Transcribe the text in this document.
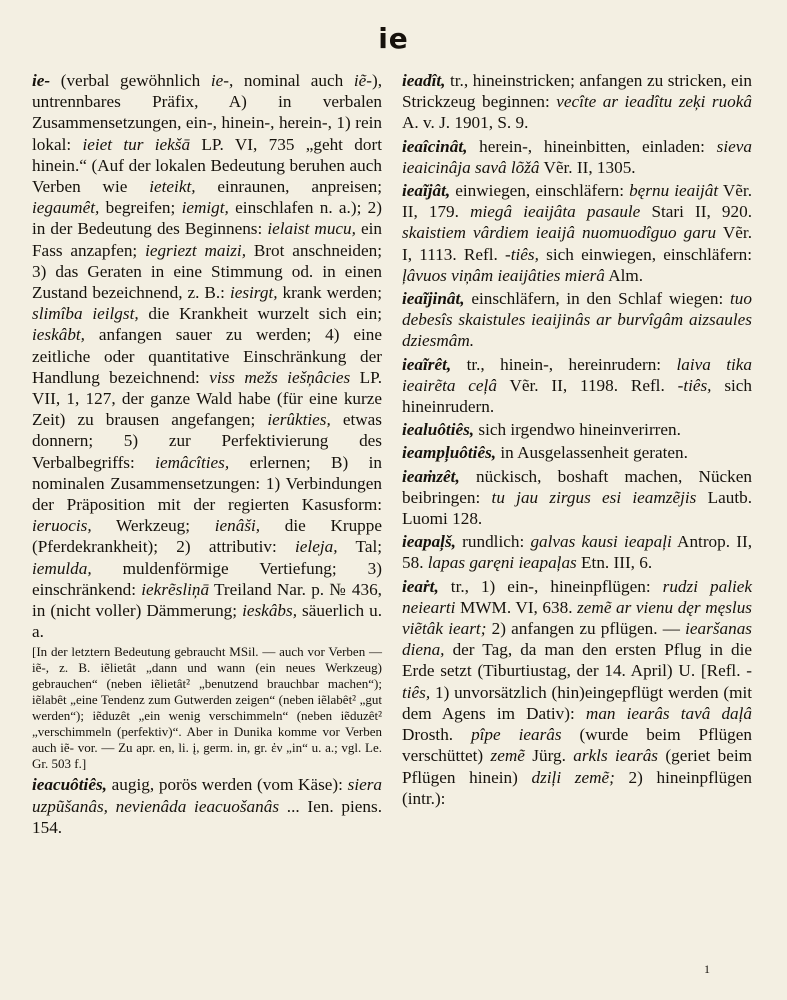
ie

ie- (verbal gewöhnlich ie-, nominal auch iẽ-), untrennbares Präfix, A) in verbalen Zusammensetzungen, ein-, hinein-, herein-, 1) rein lokal: ieiet tur iekšā LP. VI, 735 „geht dort hinein.“ (Auf der lokalen Bedeutung beruhen auch Verben wie ieteikt, einraunen, anpreisen; iegaumêt, begreifen; iemigt, einschlafen n. a.); 2) in der Bedeutung des Beginnens: ielaist mucu, ein Fass anzapfen; iegriezt maizi, Brot anschneiden; 3) das Geraten in eine Stimmung od. in einen Zustand bezeichnend, z. B.: iesirgt, krank werden; slimîba ieilgst, die Krankheit wurzelt sich ein; ieskâbt, anfangen sauer zu werden; 4) eine zeitliche oder quantitative Einschränkung der Handlung bezeichnend: viss mežs iešņâcies LP. VII, 1, 127, der ganze Wald habe (für eine kurze Zeit) zu brausen angefangen; ierûkties, etwas donnern; 5) zur Perfektivierung des Verbalbegriffs: iemâcîties, erlernen; B) in nominalen Zusammensetzungen: 1) Verbindungen der Präposition mit der regierten Kasusform: ieruocis, Werkzeug; ienâši, die Kruppe (Pferdekrankheit); 2) attributiv: ieleja, Tal; iemulda, muldenförmige Vertiefung; 3) einschränkend: iekrẽsliņā Treiland Nar. p. № 436, in (nicht voller) Dämmerung; ieskâbs, säuerlich u. a.

[In der letztern Bedeutung gebraucht MSil. — auch vor Verben — iẽ-, z. B. iẽlietât „dann und wann (ein neues Werkzeug) gebrauchen“ (neben iẽlietât² „benutzend brauchbar machen“); iẽlabêt „eine Tendenz zum Gutwerden zeigen“ (neben iẽlabêt² „gut werden“); iẽduzêt „ein wenig verschimmeln“ (neben iẽduzêt² „verschimmeln (perfektiv)“. Aber in Dunika komme vor Verben auch iẽ- vor. — Zu apr. en, li. į, germ. in, gr. ἐν „in“ u. a.; vgl. Le. Gr. 503 f.]

ieacuôtiês, augig, porös werden (vom Käse): siera uzpũšanâs, nevienâda ieacuošanâs ... Ien. piens. 154.

ieadît, tr., hineinstricken; anfangen zu stricken, ein Strickzeug beginnen: vecîte ar ieadîtu zeķi ruokâ A. v. J. 1901, S. 9.

ieaîcinât, herein-, hineinbitten, einladen: sieva ieaicinâja savâ lõžâ Vẽr. II, 1305.

ieaĩjât, einwiegen, einschläfern: bęrnu ieaijât Vẽr. II, 179. miegâ ieaijâta pasaule Stari II, 920. skaistiem vârdiem ieaijâ nuomuodîguo garu Vẽr. I, 1113. Refl. -tiês, sich einwiegen, einschläfern: ļâvuos viņâm ieaijâties mierâ Alm.

ieaĩjinât, einschläfern, in den Schlaf wiegen: tuo debesîs skaistules ieaijinâs ar burvîgâm aizsaules dziesmâm.

ieaĩrêt, tr., hinein-, hereinrudern: laiva tika ieairẽta ceļâ Vẽr. II, 1198. Refl. -tiês, sich hineinrudern.

iealuôtiês, sich irgendwo hineinverirren.

ieampļuôtiês, in Ausgelassenheit geraten.

ieaṁzêt, nückisch, boshaft machen, Nücken beibringen: tu jau zirgus esi ieamzẽjis Lautb. Luomi 128.

ieapaļš, rundlich: galvas kausi ieapaļi Antrop. II, 58. lapas garęni ieapaļas Etn. III, 6.

ieaṙt, tr., 1) ein-, hineinpflügen: rudzi paliek neiearti MWM. VI, 638. zemẽ ar vienu dęr męslus viẽtâk ieart; 2) anfangen zu pflügen. — iearšanas diena, der Tag, da man den ersten Pflug in die Erde setzt (Tiburtiustag, der 14. April) U. [Refl. -tiês, 1) unvorsätzlich (hin)eingepflügt werden (mit dem Agens im Dativ): man iearâs tavâ daļâ Drosth. pîpe iearâs (wurde beim Pflügen verschüttet) zemẽ Jürg. arkls iearâs (geriet beim Pflügen hinein) dziļi zemẽ; 2) hineinpflügen (intr.):

1
